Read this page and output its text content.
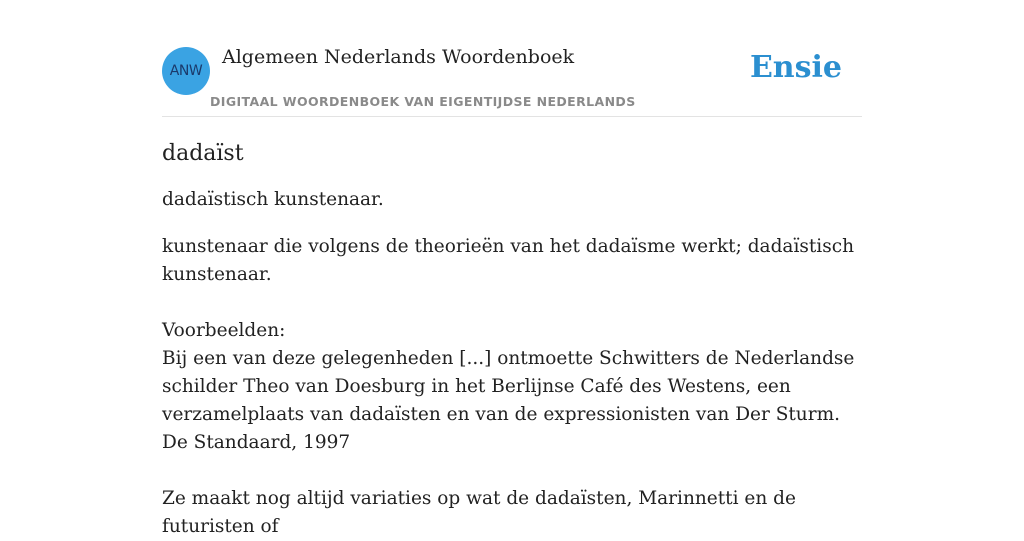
ANW
Algemeen Nederlands Woordenboek
DIGITAAL WOORDENBOEK VAN EIGENTIJDSE NEDERLANDS
Ensie
dadaïst

dadaïstisch kunstenaar.

kunstenaar die volgens de theorieën van het dadaïsme werkt; dadaïstisch kunstenaar.
Voorbeelden:
Bij een van deze gelegenheden [...] ontmoette Schwitters de Nederlandse schilder Theo van Doesburg in het Berlijnse Café des Westens, een verzamelplaats van dadaïsten en van de expressionisten van Der Sturm.
De Standaard, 1997
Ze maakt nog altijd variaties op wat de dadaïsten, Marinnetti en de futuristen of
